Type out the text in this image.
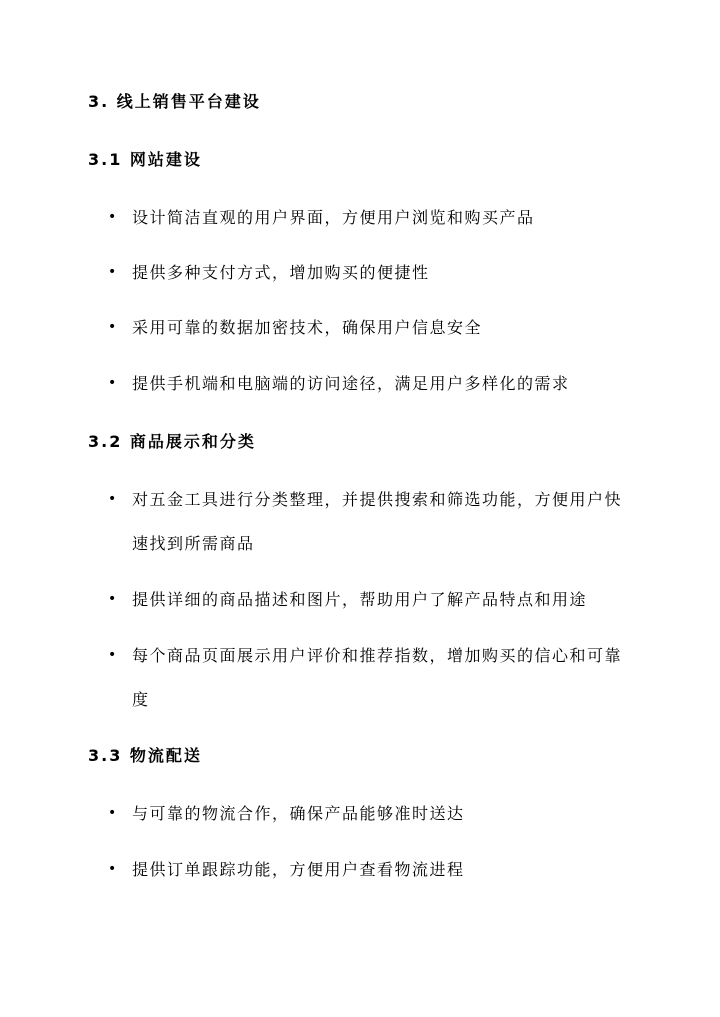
3. 线上销售平台建设
3.1 网站建设
• 设计简洁直观的用户界面，方便用户浏览和购买产品
• 提供多种支付方式，增加购买的便捷性
• 采用可靠的数据加密技术，确保用户信息安全
• 提供手机端和电脑端的访问途径，满足用户多样化的需求
3.2 商品展示和分类
• 对五金工具进行分类整理，并提供搜索和筛选功能，方便用户快速找到所需商品
• 提供详细的商品描述和图片，帮助用户了解产品特点和用途
• 每个商品页面展示用户评价和推荐指数，增加购买的信心和可靠度
3.3 物流配送
• 与可靠的物流合作，确保产品能够准时送达
• 提供订单跟踪功能，方便用户查看物流进程
